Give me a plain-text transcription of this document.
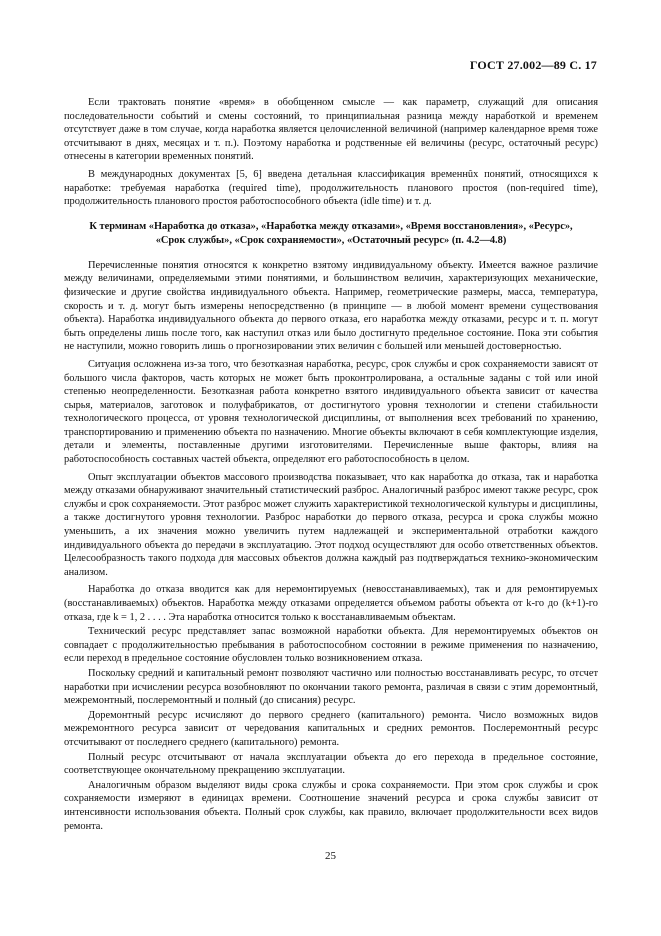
ГОСТ 27.002—89 С. 17

Если трактовать понятие «время» в обобщенном смысле — как параметр, служащий для описания последовательности событий и смены состояний, то принципиальная разница между наработкой и временем отсутствует даже в том случае, когда наработка является целочисленной величиной (например календарное время тоже отсчитывают в днях, месяцах и т. п.). Поэтому наработка и родственные ей величины (ресурс, остаточный ресурс) отнесены в категории временных понятий.

В международных документах [5, 6] введена детальная классификация временнûх понятий, относящихся к наработке: требуемая наработка (required time), продолжительность планового простоя (non-required time), продолжительность планового простоя работоспособного объекта (idle time) и т. д.

К терминам «Наработка до отказа», «Наработка между отказами», «Время восстановления», «Ресурс», «Срок службы», «Срок сохраняемости», «Остаточный ресурс» (п. 4.2—4.8)

Перечисленные понятия относятся к конкретно взятому индивидуальному объекту. Имеется важное различие между величинами, определяемыми этими понятиями, и большинством величин, характеризующих механические, физические и другие свойства индивидуального объекта. Например, геометрические размеры, масса, температура, скорость и т. д. могут быть измерены непосредственно (в принципе — в любой момент времени существования объекта). Наработка индивидуального объекта до первого отказа, его наработка между отказами, ресурс и т. п. могут быть определены лишь после того, как наступил отказ или было достигнуто предельное состояние. Пока эти события не наступили, можно говорить лишь о прогнозировании этих величин с большей или меньшей достоверностью.

Ситуация осложнена из-за того, что безотказная наработка, ресурс, срок службы и срок сохраняемости зависят от большого числа факторов, часть которых не может быть проконтролирована, а остальные заданы с той или иной степенью неопределенности. Безотказная работа конкретно взятого индивидуального объекта зависит от качества сырья, материалов, заготовок и полуфабрикатов, от достигнутого уровня технологии и степени стабильности технологического процесса, от уровня технологической дисциплины, от выполнения всех требований по хранению, транспортированию и применению объекта по назначению. Многие объекты включают в себя комплектующие изделия, детали и элементы, поставленные другими изготовителями. Перечисленные выше факторы, влияя на работоспособность составных частей объекта, определяют его работоспособность в целом.

Опыт эксплуатации объектов массового производства показывает, что как наработка до отказа, так и наработка между отказами обнаруживают значительный статистический разброс. Аналогичный разброс имеют также ресурс, срок службы и срок сохраняемости. Этот разброс может служить характеристикой технологической культуры и дисциплины, а также достигнутого уровня технологии. Разброс наработки до первого отказа, ресурса и срока службы можно уменьшить, а их значения можно увеличить путем надлежащей и экспериментальной отработки каждого индивидуального объекта до передачи в эксплуатацию. Этот подход осуществляют для особо ответственных объектов. Целесообразность такого подхода для массовых объектов должна каждый раз подтверждаться технико-экономическим анализом.

Наработка до отказа вводится как для неремонтируемых (невосстанавливаемых), так и для ремонтируемых (восстанавливаемых) объектов. Наработка между отказами определяется объемом работы объекта от k-го до (k+1)-го отказа, где k = 1, 2 . . . . Эта наработка относится только к восстанавливаемым объектам.

Технический ресурс представляет запас возможной наработки объекта. Для неремонтируемых объектов он совпадает с продолжительностью пребывания в работоспособном состоянии в режиме применения по назначению, если переход в предельное состояние обусловлен только возникновением отказа.

Поскольку средний и капитальный ремонт позволяют частично или полностью восстанавливать ресурс, то отсчет наработки при исчислении ресурса возобновляют по окончании такого ремонта, различая в связи с этим доремонтный, межремонтный, послеремонтный и полный (до списания) ресурс.

Доремонтный ресурс исчисляют до первого среднего (капитального) ремонта. Число возможных видов межремонтного ресурса зависит от чередования капитальных и средних ремонтов. Послеремонтный ресурс отсчитывают от последнего среднего (капитального) ремонта.

Полный ресурс отсчитывают от начала эксплуатации объекта до его перехода в предельное состояние, соответствующее окончательному прекращению эксплуатации.

Аналогичным образом выделяют виды срока службы и срока сохраняемости. При этом срок службы и срок сохраняемости измеряют в единицах времени. Соотношение значений ресурса и срока службы зависит от интенсивности использования объекта. Полный срок службы, как правило, включает продолжительности всех видов ремонта.

25
